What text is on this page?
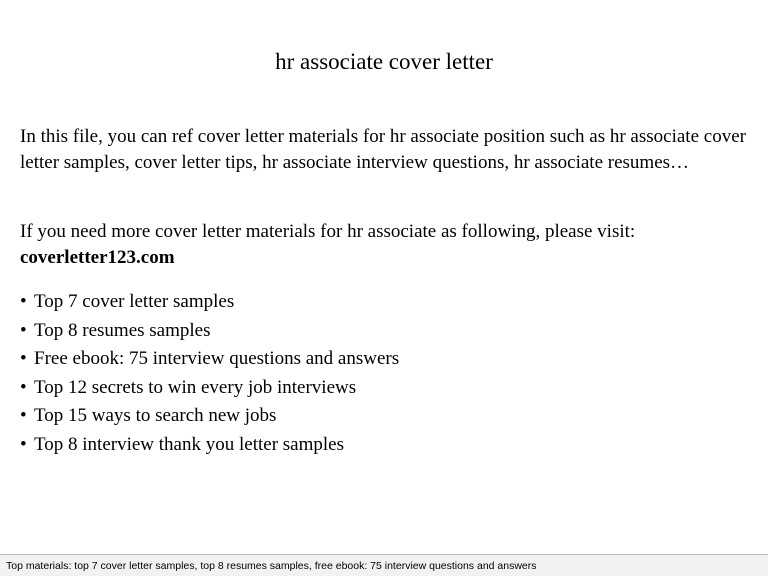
hr associate cover letter

In this file, you can ref cover letter materials for hr associate position such as hr associate cover letter samples, cover letter tips, hr associate interview questions, hr associate resumes…

If you need more cover letter materials for hr associate as following, please visit:
coverletter123.com

• Top 7 cover letter samples
• Top 8 resumes samples
• Free ebook: 75 interview questions and answers
• Top 12 secrets to win every job interviews
• Top 15 ways to search new jobs
• Top 8 interview thank you letter samples
Top materials: top 7 cover letter samples, top 8 resumes samples, free ebook: 75 interview questions and answers
